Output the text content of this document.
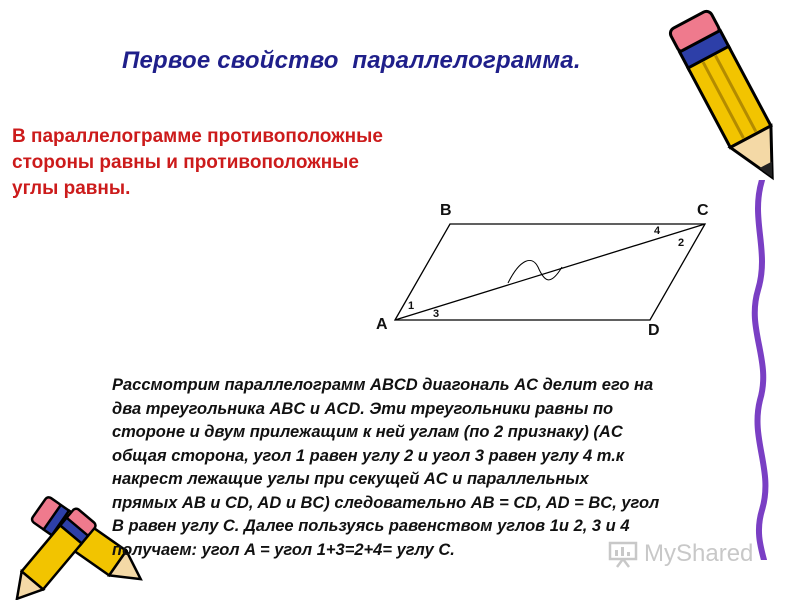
Первое свойство  параллелограмма.
В параллелограмме противоположные
стороны равны и противоположные
углы равны.
B	C
A	D
1
3
4
2
Рассмотрим параллелограмм ABCD диагональ AC делит его на
два треугольника ABC и ACD. Эти треугольники равны по
стороне и двум прилежащим к ней углам (по 2 признаку) (AC
общая сторона, угол 1 равен углу 2 и угол 3 равен углу 4 т.к
накрест лежащие углы при секущей AC и параллельных
прямых AB и CD, AD и BC) следовательно AB = CD, AD = BC, угол
B равен углу C. Далее пользуясь равенством углов 1и 2, 3 и 4
получаем: угол A = угол 1+3=2+4= углу C.	MyShared
